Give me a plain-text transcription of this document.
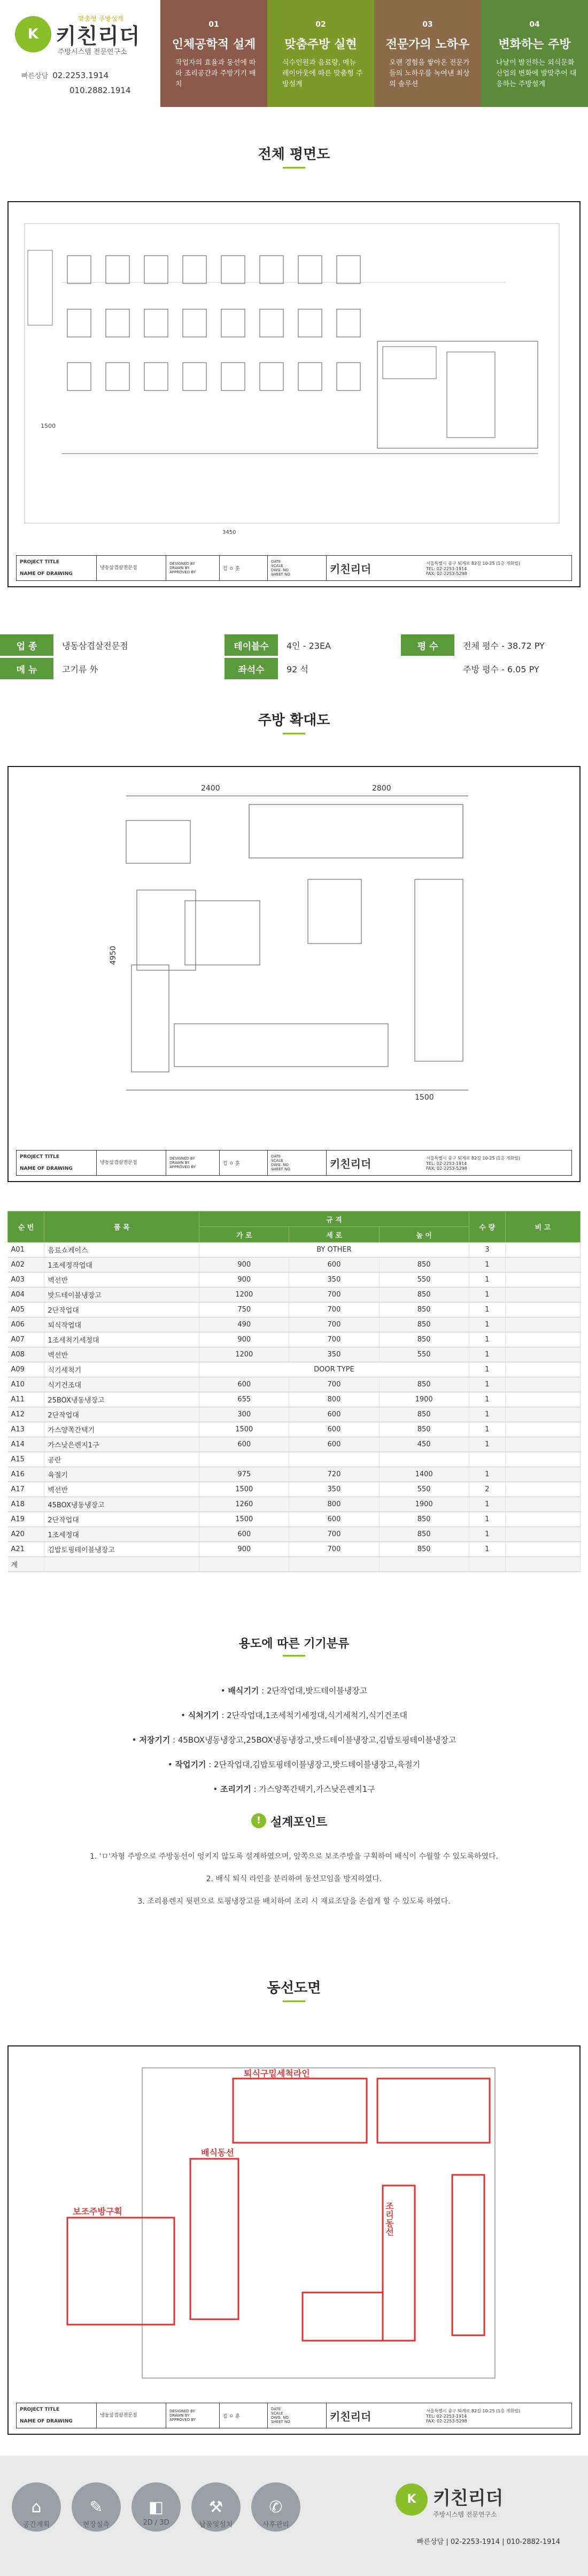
K
맞춤형 주방설계
키친리더
주방시스템 전문연구소
빠른상담 02.2253.1914
010.2882.1914
01
인체공학적 설계
작업자의 효율과 동선에 따라 조리공간과 주방기기 배치
02
맞춤주방 실현
식수인원과 음료량, 메뉴 레이아웃에 따른 맞춤형 주방설계
03
전문가의 노하우
오랜 경험을 쌓아온 전문가들의 노하우를 녹여낸 최상의 솔루션
04
변화하는 주방
나날이 발전하는 외식문화 산업의 변화에 발맞추어 대응하는 주방설계
전체 평면도
1500
3450
PROJECT TITLE
NAME OF DRAWING
냉동삼겹살전문점
DESIGNED BY
DRAWN BY
APPROVED BY
김 ㅇ 훈
DATE
SCALE
DWG. NO
SHEET NO	키친리더	서울특별시 중구 퇴계로 82길 10-25 (1층 개화빌)
TEL: 02-2253-1914
FAX: 02-2253-5298
업 종	냉동삼겹살전문점	테이블수	4인 - 23EA	평 수	전체 평수 - 38.72 PY
메 뉴	고기류 外	좌석수	92 석	주방 평수 - 6.05 PY
주방 확대도
2400	2800
1500
4950
PROJECT TITLE
NAME OF DRAWING
냉동삼겹살전문점
DESIGNED BY
DRAWN BY
APPROVED BY
김 ㅇ 훈
DATE
SCALE
DWG. NO
SHEET NO	키친리더	서울특별시 중구 퇴계로 82길 10-25 (1층 개화빌)
TEL: 02-2253-1914
FAX: 02-2253-5298
순 번	품 목	규 격			수 량	비 고
		가 로	세 로	높 이		
A01	음료쇼케이스	BY OTHER			3	
A02	1조세정작업대	900	600	850	1	
A03	벽선반	900	350	550	1	
A04	밧드테이블냉장고	1200	700	850	1	
A05	2단작업대	750	700	850	1	
A06	퇴식작업대	490	700	850	1	
A07	1조세척기세정대	900	700	850	1	
A08	벽선반	1200	350	550	1	
A09	식기세척기	DOOR TYPE			1	
A10	식기건조대	600	700	850	1	
A11	25BOX냉동냉장고	655	800	1900	1	
A12	2단작업대	300	600	850	1	
A13	가스양쪽간택기	1500	600	850	1	
A14	가스낮은렌지1구	600	600	450	1	
A15	공란					
A16	육절기	975	720	1400	1	
A17	벽선반	1500	350	550	2	
A18	45BOX냉동냉장고	1260	800	1900	1	
A19	2단작업대	1500	600	850	1	
A20	1조세정대	600	700	850	1	
A21	김밥토핑테이블냉장고	900	700	850	1	
계						
용도에 따른 기기분류
• 배식기기 : 2단작업대,밧드테이블냉장고
• 식처기기 : 2단작업대,1조세척기세정대,식기세척기,식기건조대
• 저장기기 : 45BOX냉동냉장고,25BOX냉동냉장고,밧드테이블냉장고,김밥토핑테이블냉장고
• 작업기기 : 2단작업대,김밥토핑테이블냉장고,밧드테이블냉장고,육절기
• 조리기기 : 가스양쪽간택기,가스낮은렌지1구
! 설계포인트
1. 'ㅁ'자형 주방으로 주방동선이 엉키지 않도록 설계하였으며, 앞쪽으로 보조주방을 구획하여 배식이 수월할 수 있도록하였다.
2. 배식 퇴식 라인을 분리하여 동선꼬임을 방지하였다.
3. 조리용렌지 뒷편으로 토핑냉장고를 배치하여 조리 시 재료조달을 손쉽게 할 수 있도록 하였다.
동선도면
퇴식구밑세척라인
배식동선
조리동선
보조주방구획
PROJECT TITLE
NAME OF DRAWING
냉동삼겹살전문점
DESIGNED BY
DRAWN BY
APPROVED BY
김 ㅇ 훈
DATE
SCALE
DWG. NO
SHEET NO	키친리더	서울특별시 중구 퇴계로 82길 10-25 (1층 개화빌)
TEL: 02-2253-1914
FAX: 02-2253-5298
⌂
공간계획
✎
현장실측
◧
2D / 3D
⚒
납품및설치
✆
사후관리
K 키친리더
주방시스템 전문연구소
빠른상담 | 02-2253-1914 | 010-2882-1914
